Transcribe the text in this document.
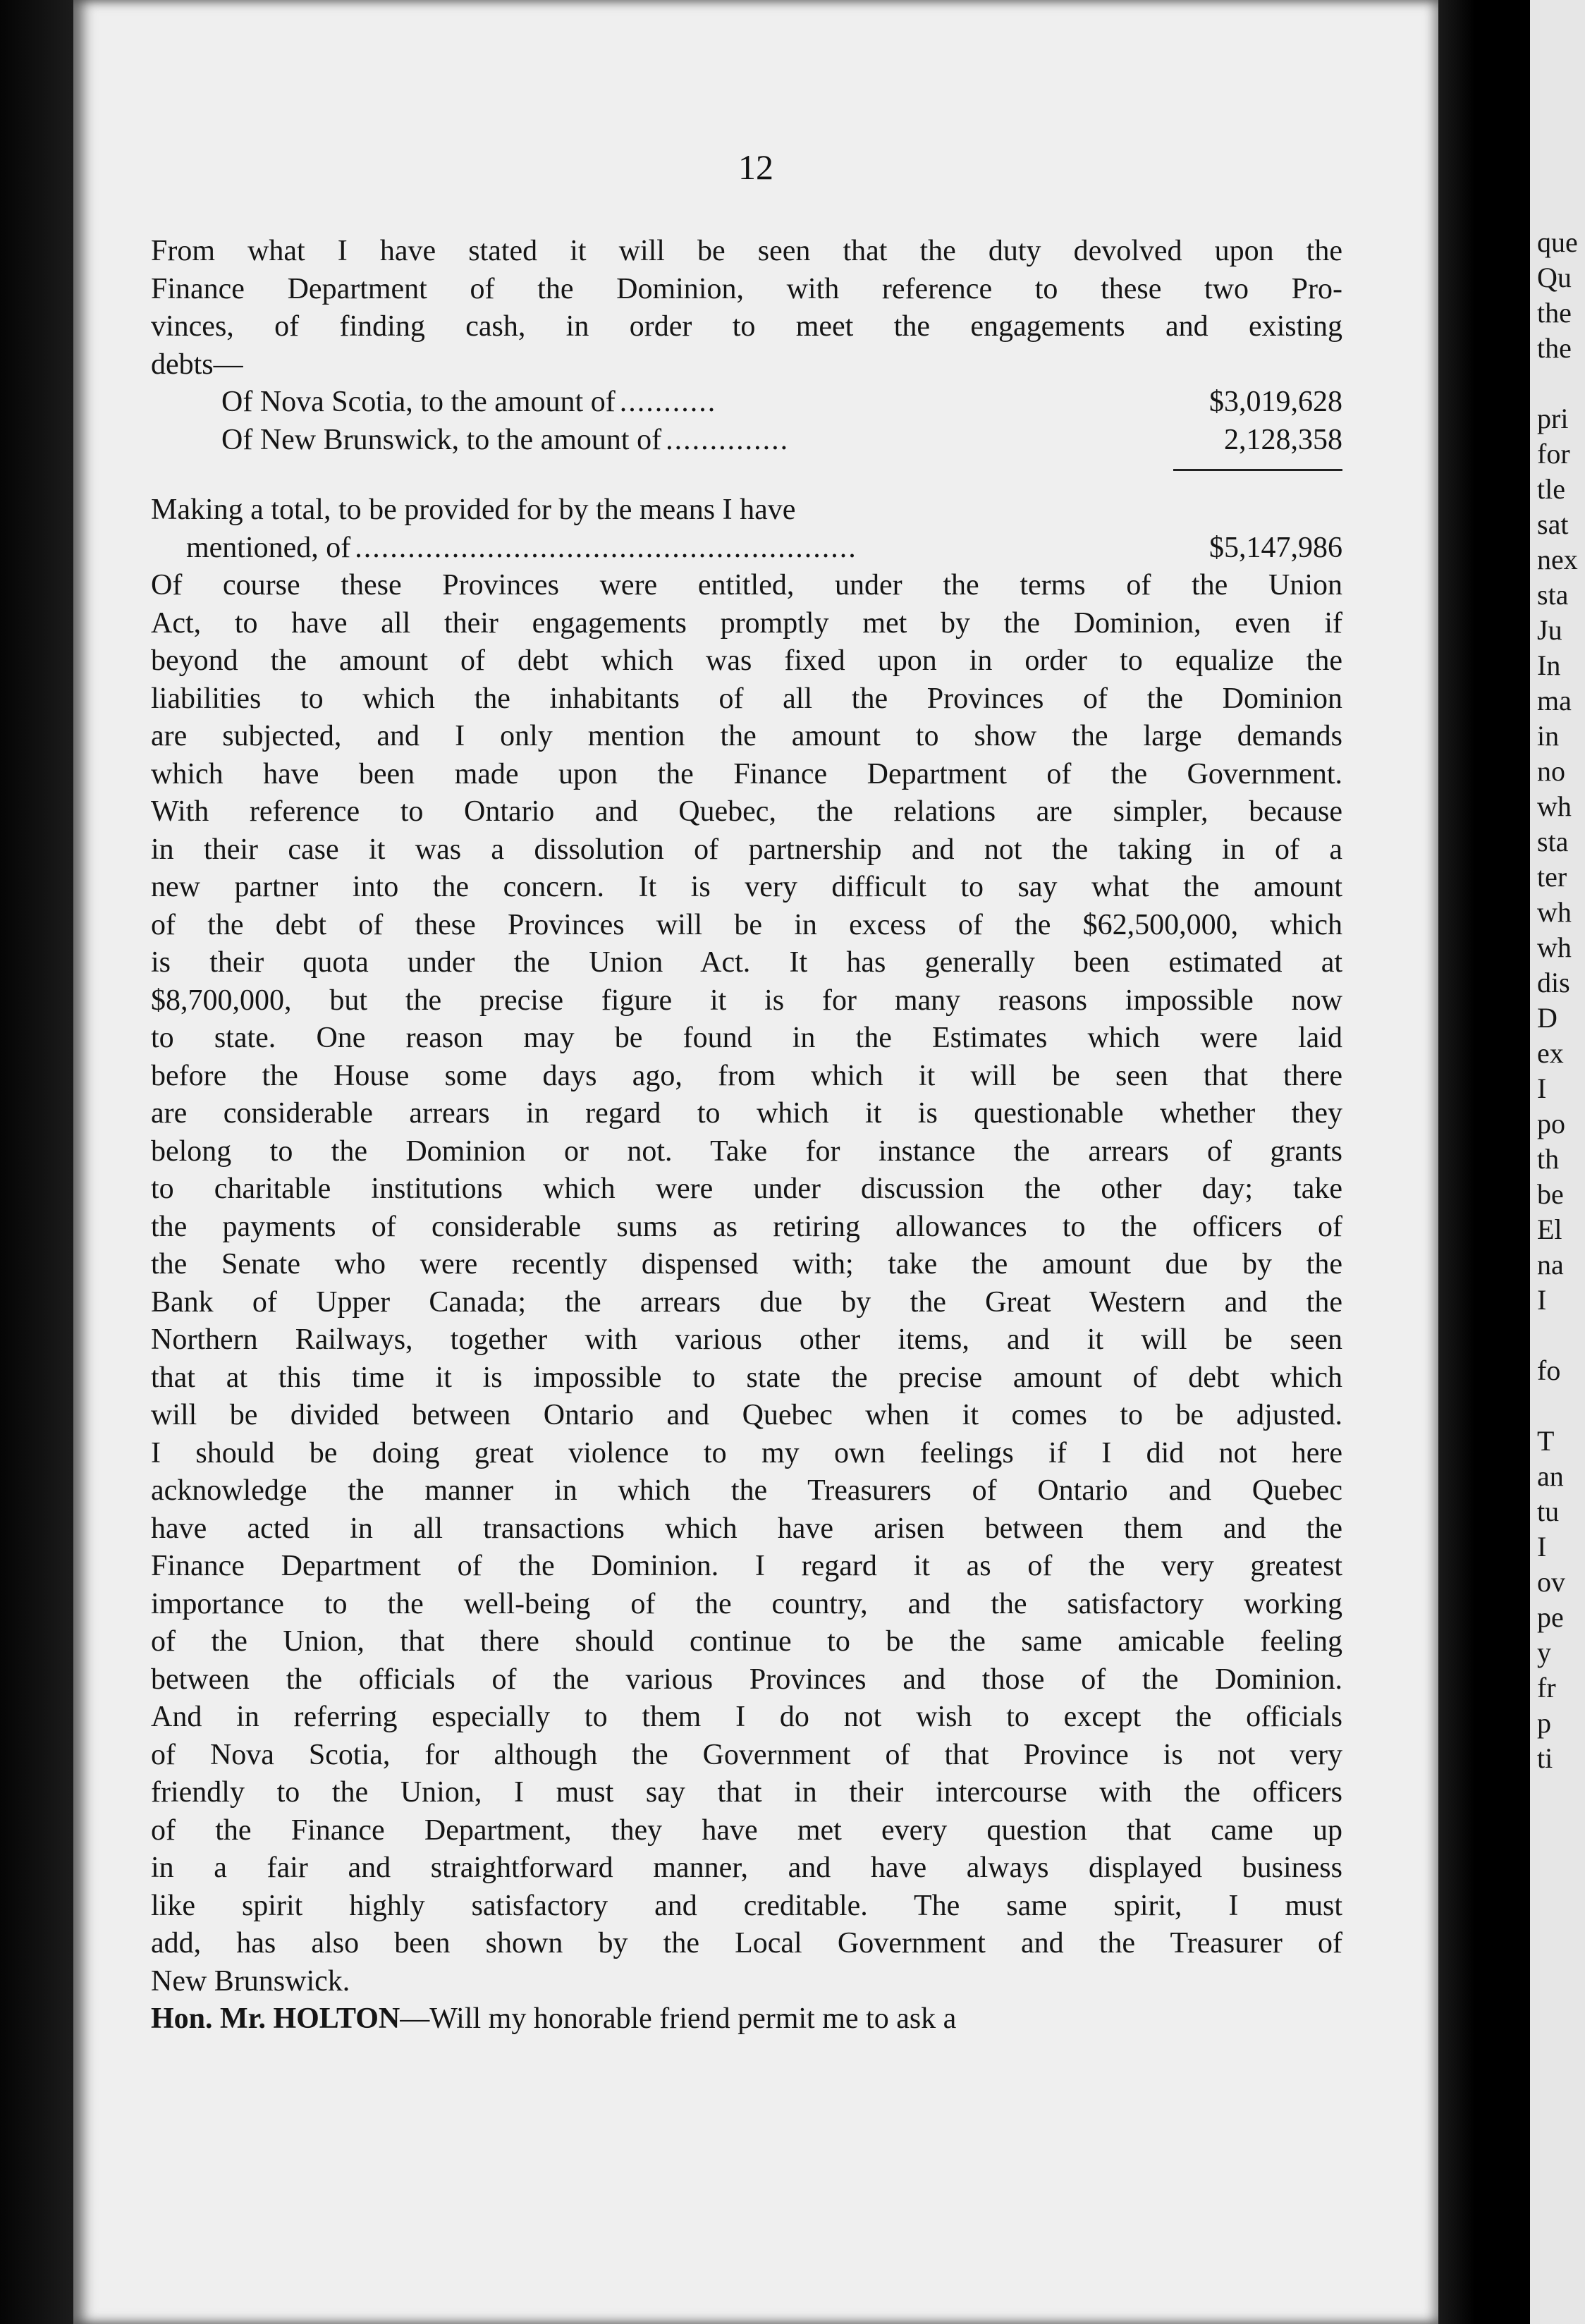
12
From what I have stated it will be seen that the duty devolved upon the
Finance Department of the Dominion, with reference to these two Pro-
vinces, of finding cash, in order to meet the engagements and existing
debts—
Of Nova Scotia, to the amount of ...........	$3,019,628
Of New Brunswick, to the amount of ..............	2,128,358
Making a total, to be provided for by the means I have
mentioned, of .........................................................	$5,147,986
Of course these Provinces were entitled, under the terms of the Union
Act, to have all their engagements promptly met by the Dominion, even if
beyond the amount of debt which was fixed upon in order to equalize the
liabilities to which the inhabitants of all the Provinces of the Dominion
are subjected, and I only mention the amount to show the large demands
which have been made upon the Finance Department of the Government.
With reference to Ontario and Quebec, the relations are simpler, because
in their case it was a dissolution of partnership and not the taking in of a
new partner into the concern. It is very difficult to say what the amount
of the debt of these Provinces will be in excess of the $62,500,000, which
is their quota under the Union Act. It has generally been estimated at
$8,700,000, but the precise figure it is for many reasons impossible now
to state. One reason may be found in the Estimates which were laid
before the House some days ago, from which it will be seen that there
are considerable arrears in regard to which it is questionable whether they
belong to the Dominion or not. Take for instance the arrears of grants
to charitable institutions which were under discussion the other day; take
the payments of considerable sums as retiring allowances to the officers of
the Senate who were recently dispensed with; take the amount due by the
Bank of Upper Canada; the arrears due by the Great Western and the
Northern Railways, together with various other items, and it will be seen
that at this time it is impossible to state the precise amount of debt which
will be divided between Ontario and Quebec when it comes to be adjusted.
I should be doing great violence to my own feelings if I did not here
acknowledge the manner in which the Treasurers of Ontario and Quebec
have acted in all transactions which have arisen between them and the
Finance Department of the Dominion. I regard it as of the very greatest
importance to the well-being of the country, and the satisfactory working
of the Union, that there should continue to be the same amicable feeling
between the officials of the various Provinces and those of the Dominion.
And in referring especially to them I do not wish to except the officials
of Nova Scotia, for although the Government of that Province is not very
friendly to the Union, I must say that in their intercourse with the officers
of the Finance Department, they have met every question that came up
in a fair and straightforward manner, and have always displayed business
like spirit highly satisfactory and creditable. The same spirit, I must
add, has also been shown by the Local Government and the Treasurer of
New Brunswick.
Hon. Mr. HOLTON—Will my honorable friend permit me to ask a
que
Qu
the
the
pri
for
tle
sat
nex
sta
Ju
In
ma
in
no
wh
sta
ter
wh
wh
dis
D
ex
I
po
th
be
El
na
I
fo
T
an
tu
I
ov
pe
y
fr
p
ti
